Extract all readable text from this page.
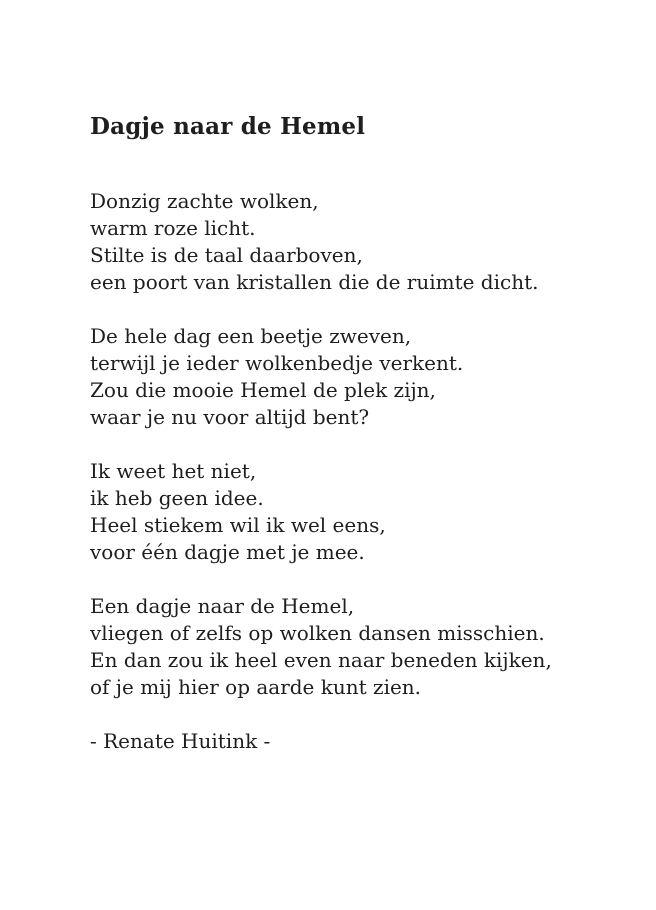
Dagje naar de Hemel
Donzig zachte wolken,
warm roze licht.
Stilte is de taal daarboven,
een poort van kristallen die de ruimte dicht.
De hele dag een beetje zweven,
terwijl je ieder wolkenbedje verkent.
Zou die mooie Hemel de plek zijn,
waar je nu voor altijd bent?
Ik weet het niet,
ik heb geen idee.
Heel stiekem wil ik wel eens,
voor één dagje met je mee.
Een dagje naar de Hemel,
vliegen of zelfs op wolken dansen misschien.
En dan zou ik heel even naar beneden kijken,
of je mij hier op aarde kunt zien.
- Renate Huitink -
